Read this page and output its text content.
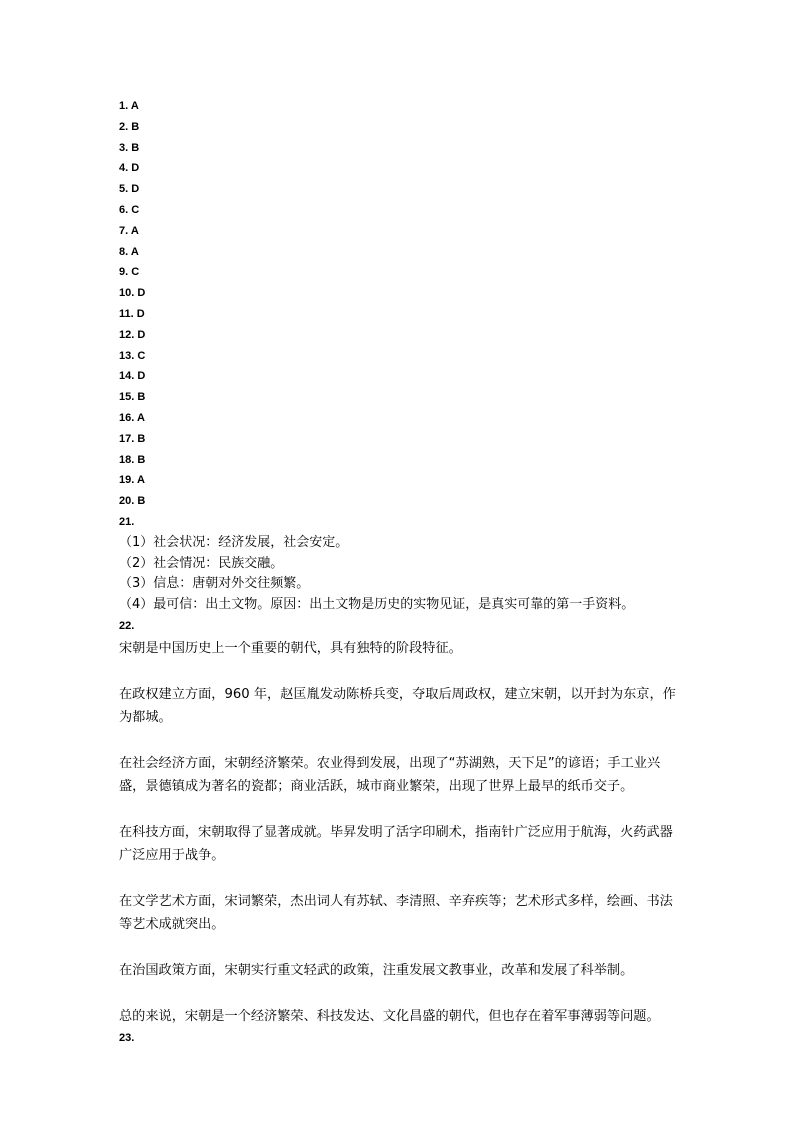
1. A
2. B
3. B
4. D
5. D
6. C
7. A
8. A
9. C
10. D
11. D
12. D
13. C
14. D
15. B
16. A
17. B
18. B
19. A
20. B
21.
（1）社会状况：经济发展，社会安定。
（2）社会情况：民族交融。
（3）信息：唐朝对外交往频繁。
（4）最可信：出土文物。原因：出土文物是历史的实物见证，是真实可靠的第一手资料。
22.

宋朝是中国历史上一个重要的朝代，具有独特的阶段特征。

在政权建立方面，960 年，赵匡胤发动陈桥兵变，夺取后周政权，建立宋朝，以开封为东京，作为都城。

在社会经济方面，宋朝经济繁荣。农业得到发展，出现了“苏湖熟，天下足”的谚语；手工业兴盛，景德镇成为著名的瓷都；商业活跃，城市商业繁荣，出现了世界上最早的纸币交子。

在科技方面，宋朝取得了显著成就。毕昇发明了活字印刷术，指南针广泛应用于航海，火药武器广泛应用于战争。

在文学艺术方面，宋词繁荣，杰出词人有苏轼、李清照、辛弃疾等；艺术形式多样，绘画、书法等艺术成就突出。

在治国政策方面，宋朝实行重文轻武的政策，注重发展文教事业，改革和发展了科举制。

总的来说，宋朝是一个经济繁荣、科技发达、文化昌盛的朝代，但也存在着军事薄弱等问题。

23.
